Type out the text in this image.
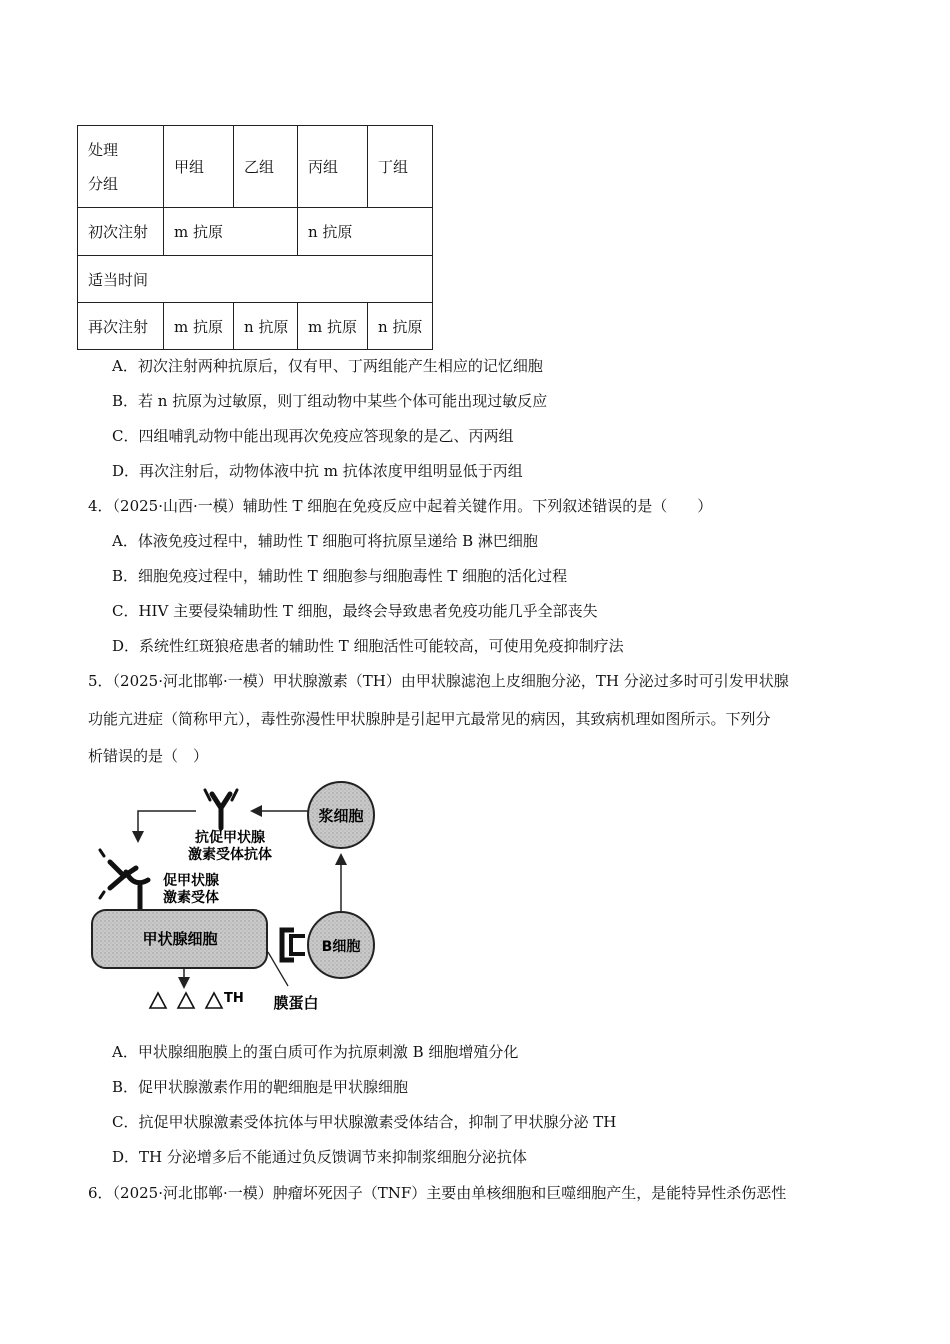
处理
分组	甲组	乙组	丙组	丁组
初次注射	m 抗原		n 抗原	
适当时间				
再次注射	m 抗原	n 抗原	m 抗原	n 抗原
A．初次注射两种抗原后，仅有甲、丁两组能产生相应的记忆细胞
B．若 n 抗原为过敏原，则丁组动物中某些个体可能出现过敏反应
C．四组哺乳动物中能出现再次免疫应答现象的是乙、丙两组
D．再次注射后，动物体液中抗 m 抗体浓度甲组明显低于丙组
4．（2025·山西·一模）辅助性 T 细胞在免疫反应中起着关键作用。下列叙述错误的是（　　）
A．体液免疫过程中，辅助性 T 细胞可将抗原呈递给 B 淋巴细胞
B．细胞免疫过程中，辅助性 T 细胞参与细胞毒性 T 细胞的活化过程
C．HIV 主要侵染辅助性 T 细胞，最终会导致患者免疫功能几乎全部丧失
D．系统性红斑狼疮患者的辅助性 T 细胞活性可能较高，可使用免疫抑制疗法
5．（2025·河北邯郸·一模）甲状腺激素（TH）由甲状腺滤泡上皮细胞分泌，TH 分泌过多时可引发甲状腺
功能亢进症（简称甲亢），毒性弥漫性甲状腺肿是引起甲亢最常见的病因，其致病机理如图所示。下列分
析错误的是（　）
浆细胞
B细胞
抗促甲状腺
激素受体抗体
促甲状腺
激素受体
甲状腺细胞
膜蛋白
TH
A．甲状腺细胞膜上的蛋白质可作为抗原刺激 B 细胞增殖分化
B．促甲状腺激素作用的靶细胞是甲状腺细胞
C．抗促甲状腺激素受体抗体与甲状腺激素受体结合，抑制了甲状腺分泌 TH
D．TH 分泌增多后不能通过负反馈调节来抑制浆细胞分泌抗体
6．（2025·河北邯郸·一模）肿瘤坏死因子（TNF）主要由单核细胞和巨噬细胞产生，是能特异性杀伤恶性
